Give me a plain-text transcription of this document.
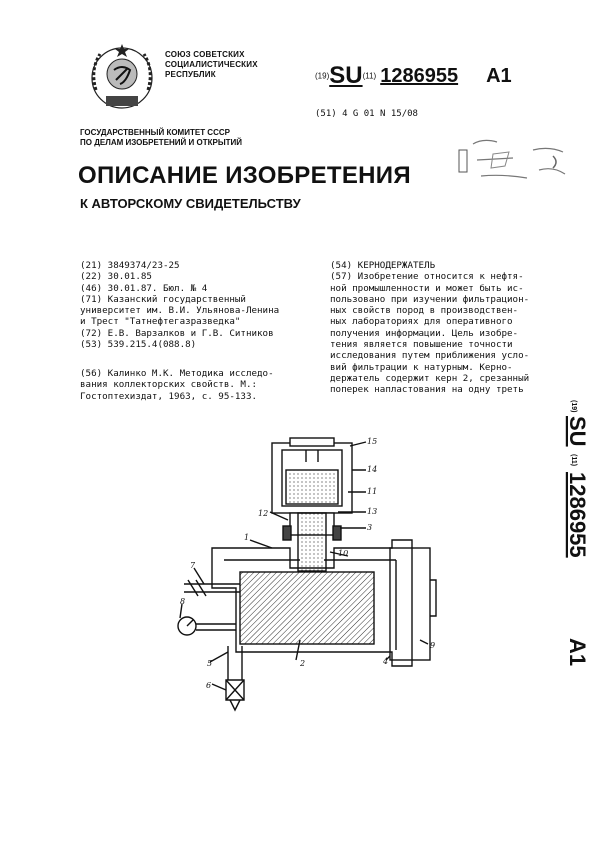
СОЮЗ СОВЕТСКИХ
СОЦИАЛИСТИЧЕСКИХ
РЕСПУБЛИК	(19)SU(11) 1286955 A1
(51) 4 G 01 N 15/08
ГОСУДАРСТВЕННЫЙ КОМИТЕТ СССР
ПО ДЕЛАМ ИЗОБРЕТЕНИЙ И ОТКРЫТИЙ
ОПИСАНИЕ ИЗОБРЕТЕНИЯ
К АВТОРСКОМУ СВИДЕТЕЛЬСТВУ
(21) 3849374/23-25
(22) 30.01.85
(46) 30.01.87. Бюл. № 4
(71) Казанский государственный
университет им. В.И. Ульянова-Ленина
и Трест "Татнефтегазразведка"
(72) Е.В. Варзалков и Г.В. Ситников
(53) 539.215.4(088.8)
(56) Калинко М.К. Методика исследо-
вания коллекторских свойств. М.:
Гостоптехиздат, 1963, с. 95-133.
(54) КЕРНОДЕРЖАТЕЛЬ
(57) Изобретение относится к нефтя-
ной промышленности и может быть ис-
пользовано при изучении фильтрацион-
ных свойств пород в производствен-
ных лабораториях для оперативного
получения информации. Цель изобре-
тения является повышение точности
исследования путем приближения усло-
вий фильтрации к натурным. Керно-
держатель содержит керн 2, срезанный
поперек напластования на одну треть
(19)
SU
(11)
1286955
A1
15
14
11
13
3
10
12
1
7
8
5
6
2	4
9
